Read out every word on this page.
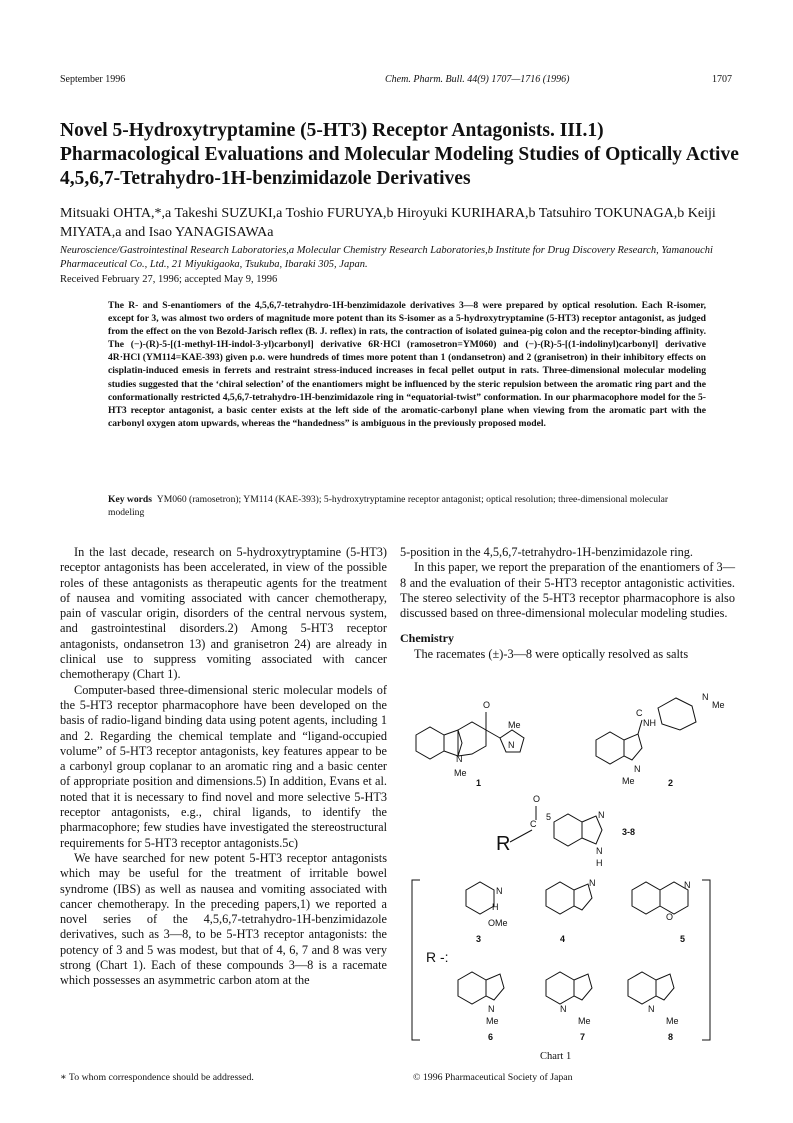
September 1996	Chem. Pharm. Bull. 44(9) 1707—1716 (1996)	1707
Novel 5-Hydroxytryptamine (5-HT3) Receptor Antagonists. III.1) Pharmacological Evaluations and Molecular Modeling Studies of Optically Active 4,5,6,7-Tetrahydro-1H-benzimidazole Derivatives
Mitsuaki OHTA,*,a Takeshi SUZUKI,a Toshio FURUYA,b Hiroyuki KURIHARA,b Tatsuhiro TOKUNAGA,b Keiji MIYATA,a and Isao YANAGISAWAa
Neuroscience/Gastrointestinal Research Laboratories,a Molecular Chemistry Research Laboratories,b Institute for Drug Discovery Research, Yamanouchi Pharmaceutical Co., Ltd., 21 Miyukigaoka, Tsukuba, Ibaraki 305, Japan.
Received February 27, 1996; accepted May 9, 1996

The R- and S-enantiomers of the 4,5,6,7-tetrahydro-1H-benzimidazole derivatives 3—8 were prepared by optical resolution. Each R-isomer, except for 3, was almost two orders of magnitude more potent than its S-isomer as a 5-hydroxytryptamine (5-HT3) receptor antagonist, as judged from the effect on the von Bezold-Jarisch reflex (B. J. reflex) in rats, the contraction of isolated guinea-pig colon and the receptor-binding affinity. The (−)-(R)-5-[(1-methyl-1H-indol-3-yl)carbonyl] derivative 6R·HCl (ramosetron=YM060) and (−)-(R)-5-[(1-indolinyl)carbonyl] derivative 4R·HCl (YM114=KAE-393) given p.o. were hundreds of times more potent than 1 (ondansetron) and 2 (granisetron) in their inhibitory effects on cisplatin-induced emesis in ferrets and restraint stress-induced increases in fecal pellet output in rats. Three-dimensional molecular modeling studies suggested that the ‘chiral selection’ of the enantiomers might be influenced by the steric repulsion between the aromatic ring part and the conformationally restricted 4,5,6,7-tetrahydro-1H-benzimidazole ring in “equatorial-twist” conformation. In our pharmacophore model for the 5-HT3 receptor antagonist, a basic center exists at the left side of the aromatic-carbonyl plane when viewing from the aromatic part with the carbonyl oxygen atom upwards, whereas the “handedness” is ambiguous in the previously proposed model.

Key words YM060 (ramosetron); YM114 (KAE-393); 5-hydroxytryptamine receptor antagonist; optical resolution; three-dimensional molecular modeling

In the last decade, research on 5-hydroxytryptamine (5-HT3) receptor antagonists has been accelerated, in view of the possible roles of these antagonists as therapeutic agents for the treatment of nausea and vomiting associated with cancer chemotherapy, pain of vascular origin, disorders of the central nervous system, and gastrointestinal disorders.2) Among 5-HT3 receptor antagonists, ondansetron 13) and granisetron 24) are already in clinical use to suppress vomiting associated with cancer chemotherapy (Chart 1).

Computer-based three-dimensional steric molecular models of the 5-HT3 receptor pharmacophore have been developed on the basis of radio-ligand binding data using potent agents, including 1 and 2. Regarding the chemical template and “ligand-occupied volume” of 5-HT3 receptor antagonists, key features appear to be a carbonyl group coplanar to an aromatic ring and a basic center of appropriate position and dimensions.5) In addition, Evans et al. noted that it is necessary to find novel and more selective 5-HT3 receptor antagonists, e.g., chiral ligands, to identify the pharmacophore; few studies have investigated the stereostructural requirements for 5-HT3 receptor antagonists.5c)

We have searched for new potent 5-HT3 receptor antagonists which may be useful for the treatment of irritable bowel syndrome (IBS) as well as nausea and vomiting associated with cancer chemotherapy. In the preceding papers,1) we reported a novel series of the 4,5,6,7-tetrahydro-1H-benzimidazole derivatives, such as 3—8, to be 5-HT3 receptor antagonists: the potency of 3 and 5 was modest, but that of 4, 6, 7 and 8 was very strong (Chart 1). Each of these compounds 3—8 is a racemate which possesses an asymmetric carbon atom at the

5-position in the 4,5,6,7-tetrahydro-1H-benzimidazole ring.

In this paper, we report the preparation of the enantiomers of 3—8 and the evaluation of their 5-HT3 receptor antagonistic activities. The stereo selectivity of the 5-HT3 receptor pharmacophore is also discussed based on three-dimensional molecular modeling studies.

Chemistry

The racemates (±)-3—8 were optically resolved as salts

O
N
Me
N
Me
1
C
NH
N
Me
N
Me	2
R
C
O
5	N
N
H
3-8
R -:
N
H
OMe
3
N
4
N
O
5
N
Me
6
N
Me
7
N
Me
8
Chart 1
∗ To whom correspondence should be addressed.	© 1996 Pharmaceutical Society of Japan
